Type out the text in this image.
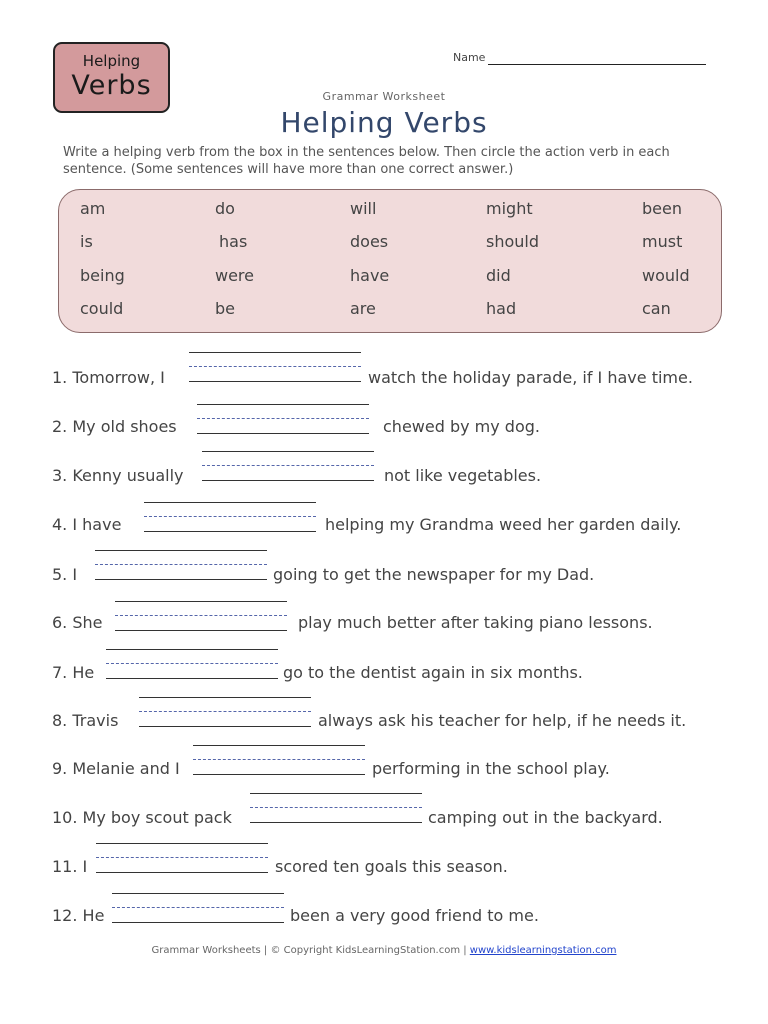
Helping
Verbs
Name
Grammar Worksheet
Helping Verbs
Write a helping verb from the box in the sentences below. Then circle the action verb in each sentence. (Some sentences will have more than one correct answer.)
am	do	will	might	been
is	has	does	should	must
being	were	have	did	would
could	be	are	had	can
1. Tomorrow, I	watch the holiday parade, if I have time.
2. My old shoes	chewed by my dog.
3. Kenny usually	not like vegetables.
4. I have	helping my Grandma weed her garden daily.
5. I	going to get the newspaper for my Dad.
6. She	play much better after taking piano lessons.
7. He	go to the dentist again in six months.
8. Travis	always ask his teacher for help, if he needs it.
9. Melanie and I	performing in the school play.
10. My boy scout pack	camping out in the backyard.
11. I	scored ten goals this season.
12. He	been a very good friend to me.
Grammar Worksheets | © Copyright KidsLearningStation.com | www.kidslearningstation.com
